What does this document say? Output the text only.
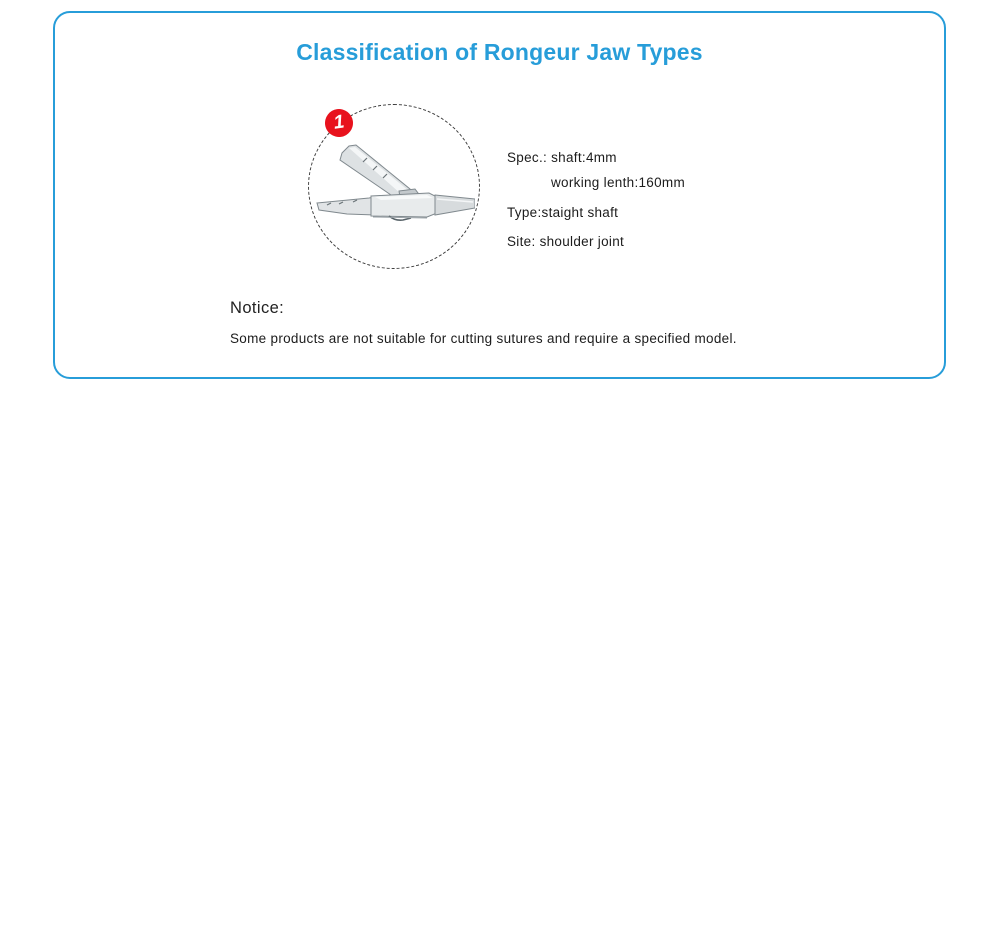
Classification of Rongeur Jaw Types
1
Spec.: shaft:4mm
working lenth:160mm
Type:staight shaft
Site: shoulder joint
Notice:
Some products are not suitable for cutting sutures and require a specified model.
